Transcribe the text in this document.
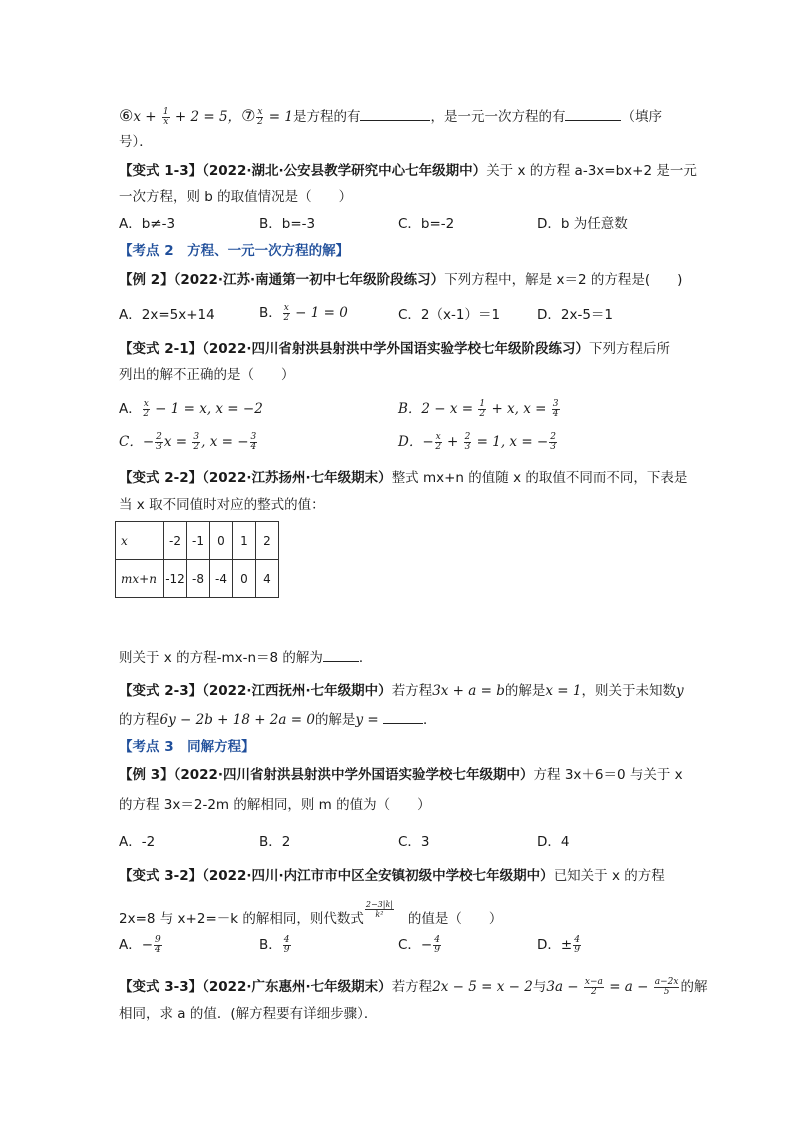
⑥x + $\frac{1}{x} + 2 = 5$，⑦ $\frac{x}{2} = 1$是方程的有	，是一元一次方程的有	（填序
号）．
【变式 1-3】（2022·湖北·公安县教学研究中心七年级期中）关于 x 的方程 a-3x=bx+2 是一元
一次方程，则 b 的取值情况是（　　）
A．b≠-3	B．b=-3	C．b=-2	D．b 为任意数
【考点 2　方程、一元一次方程的解】
【例 2】（2022·江苏·南通第一初中七年级阶段练习）下列方程中，解是 x＝2 的方程是(　　)
A．2x=5x+14	B． $\frac{x}{2} - 1 = 0$	C．2（x-1）＝1	D．2x-5＝1
【变式 2-1】（2022·四川省射洪县射洪中学外国语实验学校七年级阶段练习）下列方程后所
列出的解不正确的是（　　）
A． $\frac{x}{2} - 1 = x$, x = −2	B．$2 - x = \frac{1}{2} + x$, $x = \frac{3}{4}$
C．− $\frac{2}{3}$ $x = \frac{3}{2}$ , x = − $\frac{3}{4}$	D．− $\frac{x}{2} + \frac{2}{3} = 1$, x = − $\frac{2}{3}$
【变式 2-2】（2022·江苏扬州·七年级期末）整式 mx+n 的值随 x 的取值不同而不同，下表是
当 x 取不同值时对应的整式的值：
x	-2	-1	0	1	2
mx+n	-12	-8	-4	0	4
则关于 x 的方程-mx-n＝8 的解为	．
【变式 2-3】（2022·江西抚州·七年级期中）若方程3x + a = b的解是x = 1，则关于未知数y
的方程6y − 2b + 18 + 2a = 0的解是y =	．
【考点 3　同解方程】
【例 3】（2022·四川省射洪县射洪中学外国语实验学校七年级期中）方程 3x＋6＝0 与关于 x
的方程 3x＝2-2m 的解相同，则 m 的值为（　　）
A．-2	B．2	C．3	D．4
【变式 3-2】（2022·四川·内江市市中区全安镇初级中学校七年级期中）已知关于 x 的方程
2x=8 与 x+2=－k 的解相同，则代数式 $\frac{2-3|k|}{\text{k²}}$ 的值是（　　）
A．− $\frac{9}{4}$	B． $\frac{4}{9}$	C．− $\frac{4}{9}$	D．± $\frac{4}{9}$
【变式 3-3】（2022·广东惠州·七年级期末）若方程2x − 5 = x − 2与$3a - \frac{x-a}{2} = a - \frac{a-2x}{5}$ 的解
相同，求 a 的值．(解方程要有详细步骤）．
